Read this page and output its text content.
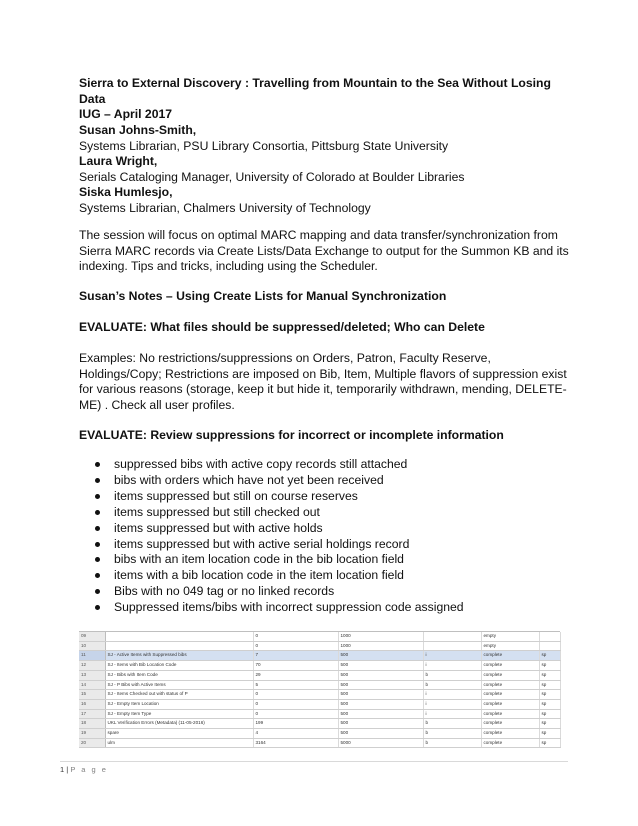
Sierra to External Discovery : Travelling from Mountain to the Sea Without Losing Data
IUG – April 2017
Susan Johns-Smith,
Systems Librarian, PSU Library Consortia, Pittsburg State University
Laura Wright,
Serials Cataloging Manager, University of Colorado at Boulder Libraries
Siska Humlesjo,
Systems Librarian, Chalmers University of Technology

The session will focus on optimal MARC mapping and data transfer/synchronization from Sierra MARC records via Create Lists/Data Exchange to output for the Summon KB and its indexing. Tips and tricks, including using the Scheduler.

Susan’s Notes – Using Create Lists for Manual Synchronization
EVALUATE: What files should be suppressed/deleted; Who can Delete

Examples: No restrictions/suppressions on Orders, Patron, Faculty Reserve, Holdings/Copy; Restrictions are imposed on Bib, Item, Multiple flavors of suppression exist for various reasons (storage, keep it but hide it, temporarily withdrawn, mending, DELETE-ME) . Check all user profiles.

EVALUATE: Review suppressions for incorrect or incomplete information
suppressed bibs with active copy records still attached
bibs with orders which have not yet been received
items suppressed but still on course reserves
items suppressed but still checked out
items suppressed but with active holds
items suppressed but with active serial holdings record
bibs with an item location code in the bib location field
items with a bib location code in the item location field
Bibs with no 049 tag or no linked records
Suppressed items/bibs with incorrect suppression code assigned
09		0	1000		empty	
10		0	1000		empty	
11	SJ - Active Items with Suppressed bibs	7	500	i	complete	sp
12	SJ - Items with Bib Location Code	70	500	i	complete	sp
13	SJ - Bibs with Item Code	29	500	b	complete	sp
14	SJ - P Bibs with Active Items	5	500	b	complete	sp
15	SJ - Items Checked out with status of P	0	500	i	complete	sp
16	SJ - Empty Item Location	0	500	i	complete	sp
17	SJ - Empty Item Type	0	500	i	complete	sp
18	UKL Verification Errors (Metadata) (11-05-2016)	199	500	b	complete	sp
19	spare	4	500	b	complete	sp
20	ulm	3164	5000	b	complete	sp
1 | P a g e
